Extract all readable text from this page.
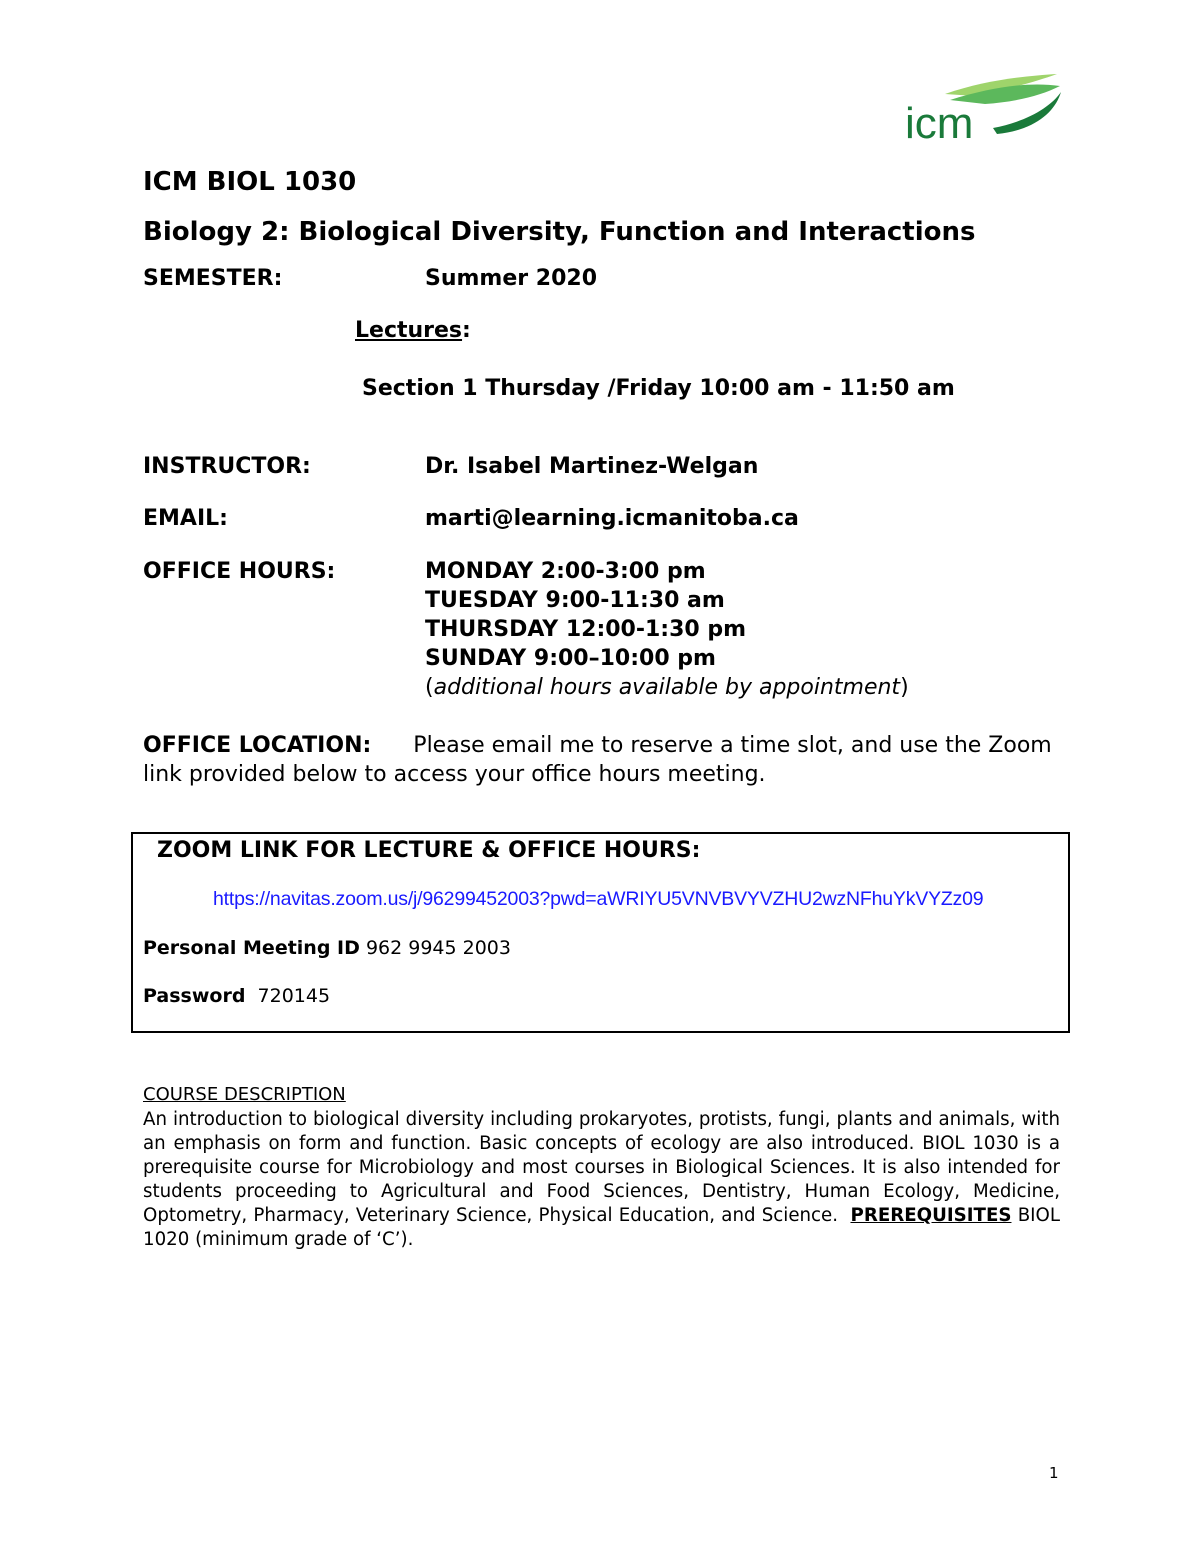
icm
ICM BIOL 1030
Biology 2: Biological Diversity, Function and Interactions
SEMESTER:	Summer 2020
Lectures:
Section 1 Thursday /Friday 10:00 am - 11:50 am
INSTRUCTOR:	Dr. Isabel Martinez-Welgan
EMAIL:	marti@learning.icmanitoba.ca
OFFICE HOURS:	MONDAY 2:00-3:00 pm
TUESDAY 9:00-11:30 am
THURSDAY 12:00-1:30 pm
SUNDAY 9:00–10:00 pm
(additional hours available by appointment)
OFFICE LOCATION: Please email me to reserve a time slot, and use the Zoom link provided below to access your office hours meeting.
ZOOM LINK FOR LECTURE & OFFICE HOURS:
https://navitas.zoom.us/j/96299452003?pwd=aWRIYU5VNVBVYVZHU2wzNFhuYkVYZz09
Personal Meeting ID 962 9945 2003
Password 720145
COURSE DESCRIPTION
An introduction to biological diversity including prokaryotes, protists, fungi, plants and animals, with an emphasis on form and function. Basic concepts of ecology are also introduced. BIOL 1030 is a prerequisite course for Microbiology and most courses in Biological Sciences. It is also intended for students proceeding to Agricultural and Food Sciences, Dentistry, Human Ecology, Medicine, Optometry, Pharmacy, Veterinary Science, Physical Education, and Science. PREREQUISITES BIOL 1020 (minimum grade of ‘C’).
1
